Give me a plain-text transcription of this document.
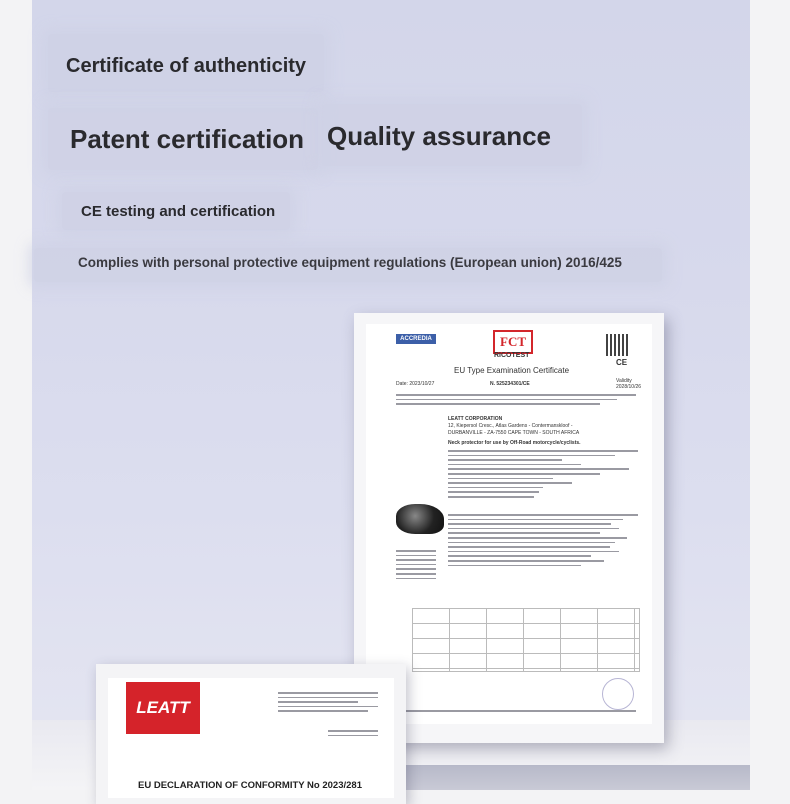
Certificate of authenticity
Patent certification Quality assurance
CE testing and certification
Complies with personal protective equipment regulations (European union) 2016/425
ACCREDIA	FCT
RICOTEST
CE
EU Type Examination Certificate
Date: 2023/10/27	N. 525234301/CE	Validity
2028/10/26
LEATT CORPORATION
12, Kiepersol Cresc., Atlas Gardens - Contermanskloof -
DURBANVILLE - ZA-7550 CAPE TOWN - SOUTH AFRICA
Neck protector for use by Off-Road motorcycle/cyclists.
LEATT
EU DECLARATION OF CONFORMITY No 2023/281
